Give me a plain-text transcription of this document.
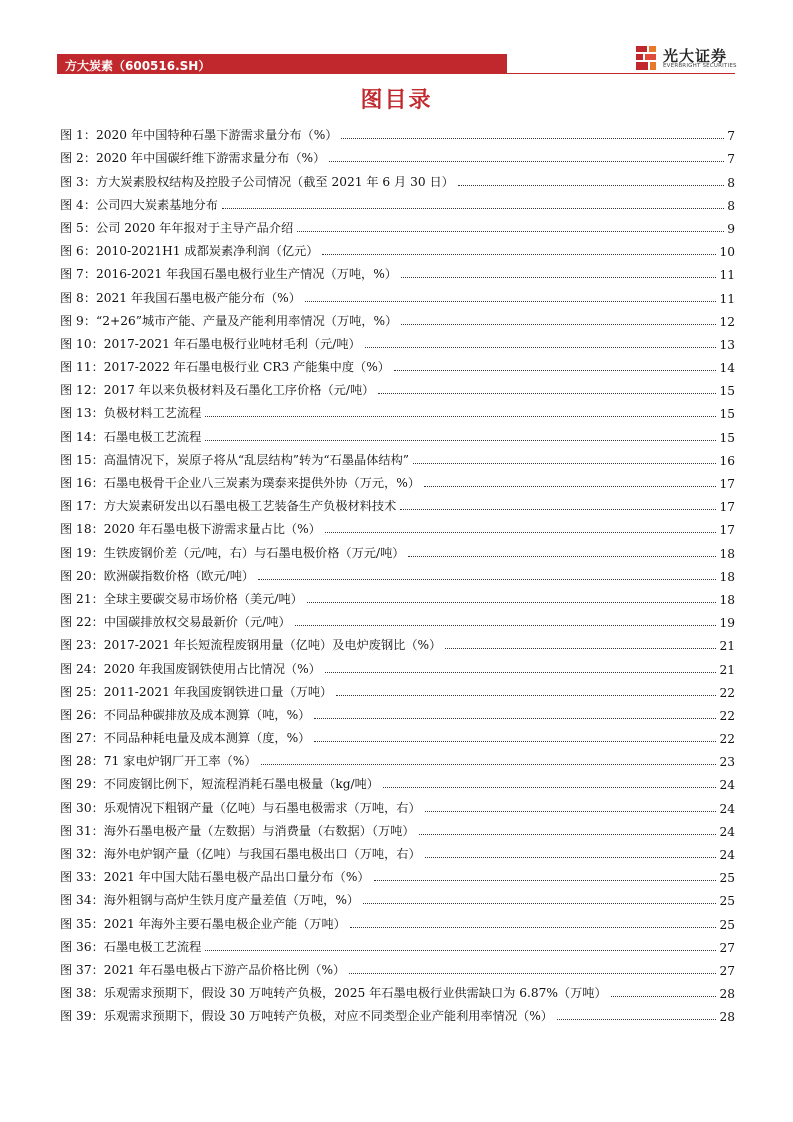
方大炭素（600516.SH）
光大证券
EVERBRIGHT SECURITIES
图目录
图 1：2020 年中国特种石墨下游需求量分布（%）	7
图 2：2020 年中国碳纤维下游需求量分布（%）	7
图 3：方大炭素股权结构及控股子公司情况（截至 2021 年 6 月 30 日）	8
图 4：公司四大炭素基地分布	8
图 5：公司 2020 年年报对于主导产品介绍	9
图 6：2010-2021H1 成都炭素净利润（亿元）	10
图 7：2016-2021 年我国石墨电极行业生产情况（万吨，%）	11
图 8：2021 年我国石墨电极产能分布（%）	11
图 9：“2+26”城市产能、产量及产能利用率情况（万吨，%）	12
图 10：2017-2021 年石墨电极行业吨材毛利（元/吨）	13
图 11：2017-2022 年石墨电极行业 CR3 产能集中度（%）	14
图 12：2017 年以来负极材料及石墨化工序价格（元/吨）	15
图 13：负极材料工艺流程	15
图 14：石墨电极工艺流程	15
图 15：高温情况下，炭原子将从“乱层结构”转为“石墨晶体结构”	16
图 16：石墨电极骨干企业八三炭素为璞泰来提供外协（万元，%）	17
图 17：方大炭素研发出以石墨电极工艺装备生产负极材料技术	17
图 18：2020 年石墨电极下游需求量占比（%）	17
图 19：生铁废钢价差（元/吨，右）与石墨电极价格（万元/吨）	18
图 20：欧洲碳指数价格（欧元/吨）	18
图 21：全球主要碳交易市场价格（美元/吨）	18
图 22：中国碳排放权交易最新价（元/吨）	19
图 23：2017-2021 年长短流程废钢用量（亿吨）及电炉废钢比（%）	21
图 24：2020 年我国废钢铁使用占比情况（%）	21
图 25：2011-2021 年我国废钢铁进口量（万吨）	22
图 26：不同品种碳排放及成本测算（吨，%）	22
图 27：不同品种耗电量及成本测算（度，%）	22
图 28：71 家电炉钢厂开工率（%）	23
图 29：不同废钢比例下，短流程消耗石墨电极量（kg/吨）	24
图 30：乐观情况下粗钢产量（亿吨）与石墨电极需求（万吨，右）	24
图 31：海外石墨电极产量（左数据）与消费量（右数据）（万吨）	24
图 32：海外电炉钢产量（亿吨）与我国石墨电极出口（万吨，右）	24
图 33：2021 年中国大陆石墨电极产品出口量分布（%）	25
图 34：海外粗钢与高炉生铁月度产量差值（万吨，%）	25
图 35：2021 年海外主要石墨电极企业产能（万吨）	25
图 36：石墨电极工艺流程	27
图 37：2021 年石墨电极占下游产品价格比例（%）	27
图 38：乐观需求预期下，假设 30 万吨转产负极，2025 年石墨电极行业供需缺口为 6.87%（万吨）	28
图 39：乐观需求预期下，假设 30 万吨转产负极，对应不同类型企业产能利用率情况（%）	28
